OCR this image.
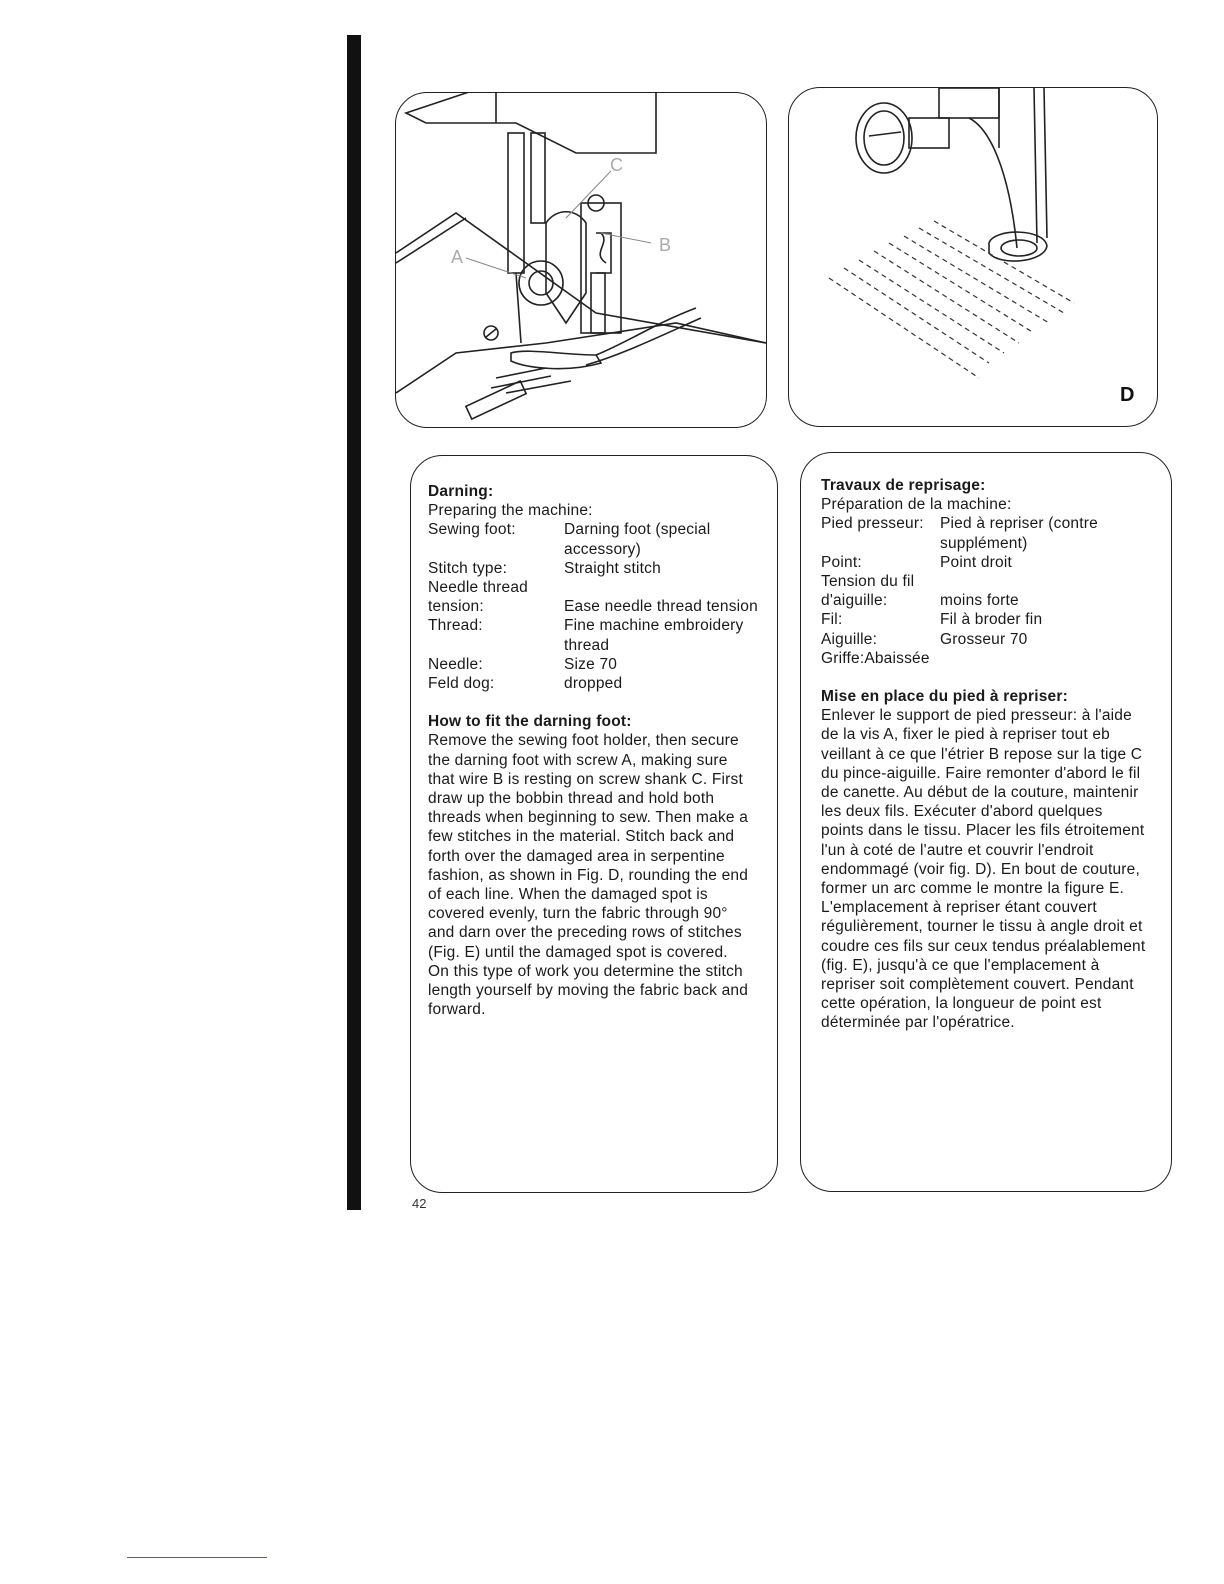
A
B
C
D
Darning:
Preparing the machine:
Sewing foot:	Darning foot (special accessory)
Stitch type:	Straight stitch
Needle thread tension:	Ease needle thread tension
Thread:	Fine machine embroidery thread
Needle:	Size 70
Feld dog:	dropped
How to fit the darning foot:

Remove the sewing foot holder, then secure the darning foot with screw A, making sure that wire B is resting on screw shank C. First draw up the bobbin thread and hold both threads when beginning to sew. Then make a few stitches in the material. Stitch back and forth over the damaged area in serpentine fashion, as shown in Fig. D, rounding the end of each line. When the damaged spot is covered evenly, turn the fabric through 90° and darn over the preceding rows of stitches (Fig. E) until the damaged spot is covered. On this type of work you determine the stitch length yourself by moving the fabric back and forward.

Travaux de reprisage:
Préparation de la machine:
Pied presseur:	Pied à repriser (contre supplément)
Point:	Point droit
Tension du fil d'aiguille:	moins forte
Fil:	Fil à broder fin
Aiguille:	Grosseur 70
Griffe:Abaissée
Mise en place du pied à repriser:

Enlever le support de pied presseur: à l'aide de la vis A, fixer le pied à repriser tout eb veillant à ce que l'étrier B repose sur la tige C du pince-aiguille. Faire remonter d'abord le fil de canette. Au début de la couture, maintenir les deux fils. Exécuter d'abord quelques points dans le tissu. Placer les fils étroitement l'un à coté de l'autre et couvrir l'endroit endommagé (voir fig. D). En bout de couture, former un arc comme le montre la figure E. L'emplacement à repriser étant couvert régulièrement, tourner le tissu à angle droit et coudre ces fils sur ceux tendus préalablement (fig. E), jusqu'à ce que l'emplacement à repriser soit complètement couvert. Pendant cette opération, la longueur de point est déterminée par l'opératrice.

42
